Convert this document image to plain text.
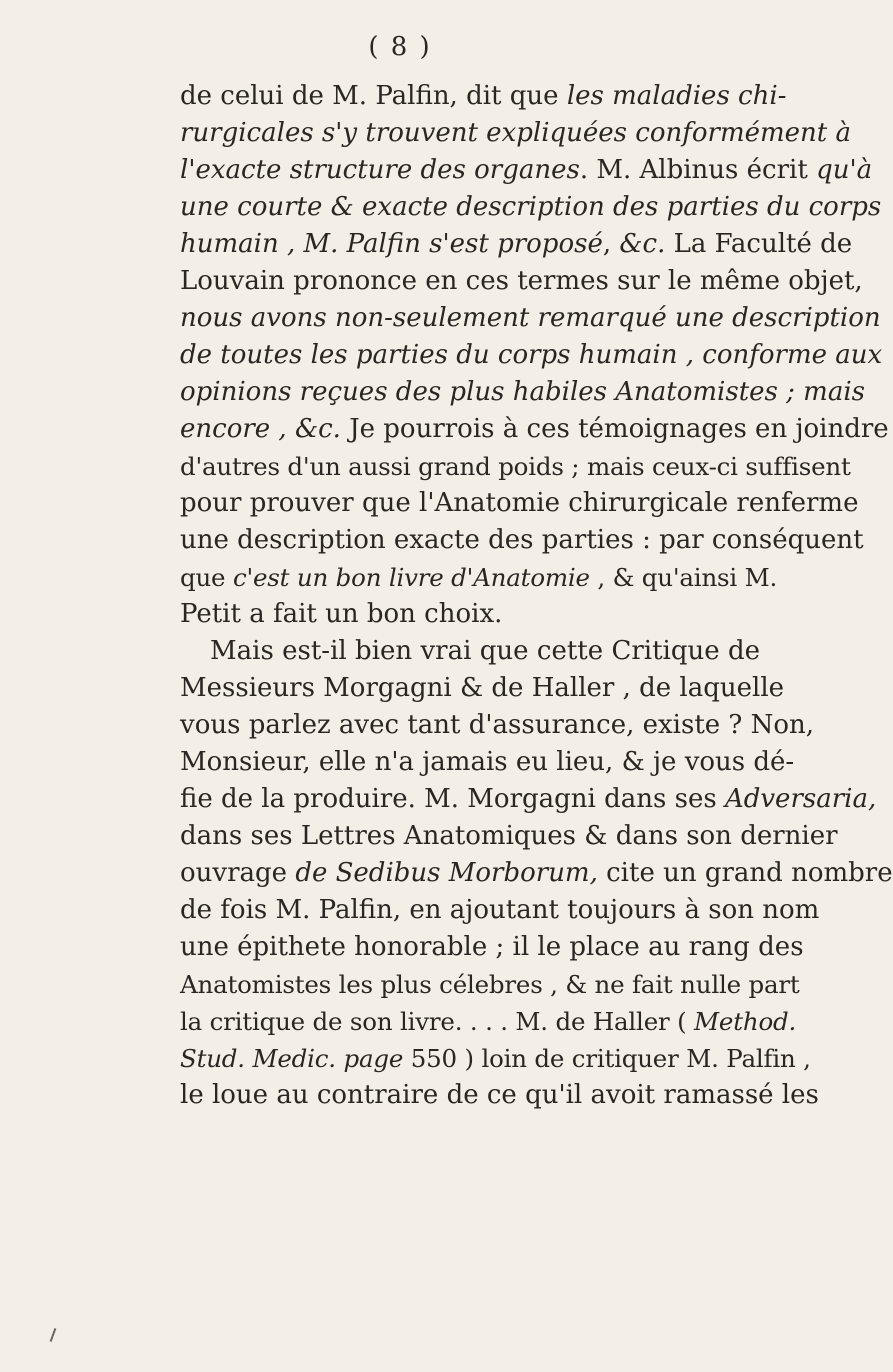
( 8 )
de celui de M. Palfin, dit que les maladies chi-
rurgicales s'y trouvent expliquées conformément à
l'exacte structure des organes. M. Albinus écrit qu'à
une courte & exacte description des parties du corps
humain , M. Palfin s'est proposé, &c. La Faculté de
Louvain prononce en ces termes sur le même objet,
nous avons non-seulement remarqué une description
de toutes les parties du corps humain , conforme aux
opinions reçues des plus habiles Anatomistes ; mais
encore , &c. Je pourrois à ces témoignages en joindre
d'autres d'un aussi grand poids ; mais ceux-ci suffisent
pour prouver que l'Anatomie chirurgicale renferme
une description exacte des parties : par conséquent
que c'est un bon livre d'Anatomie , & qu'ainsi M.
Petit a fait un bon choix.
Mais est-il bien vrai que cette Critique de
Messieurs Morgagni & de Haller , de laquelle
vous parlez avec tant d'assurance, existe ? Non,
Monsieur, elle n'a jamais eu lieu, & je vous dé-
fie de la produire. M. Morgagni dans ses Adversaria,
dans ses Lettres Anatomiques & dans son dernier
ouvrage de Sedibus Morborum, cite un grand nombre
de fois M. Palfin, en ajoutant toujours à son nom
une épithete honorable ; il le place au rang des
Anatomistes les plus célebres , & ne fait nulle part
la critique de son livre. . . . M. de Haller ( Method.
Stud. Medic. page 550 ) loin de critiquer M. Palfin ,
le loue au contraire de ce qu'il avoit ramassé les
